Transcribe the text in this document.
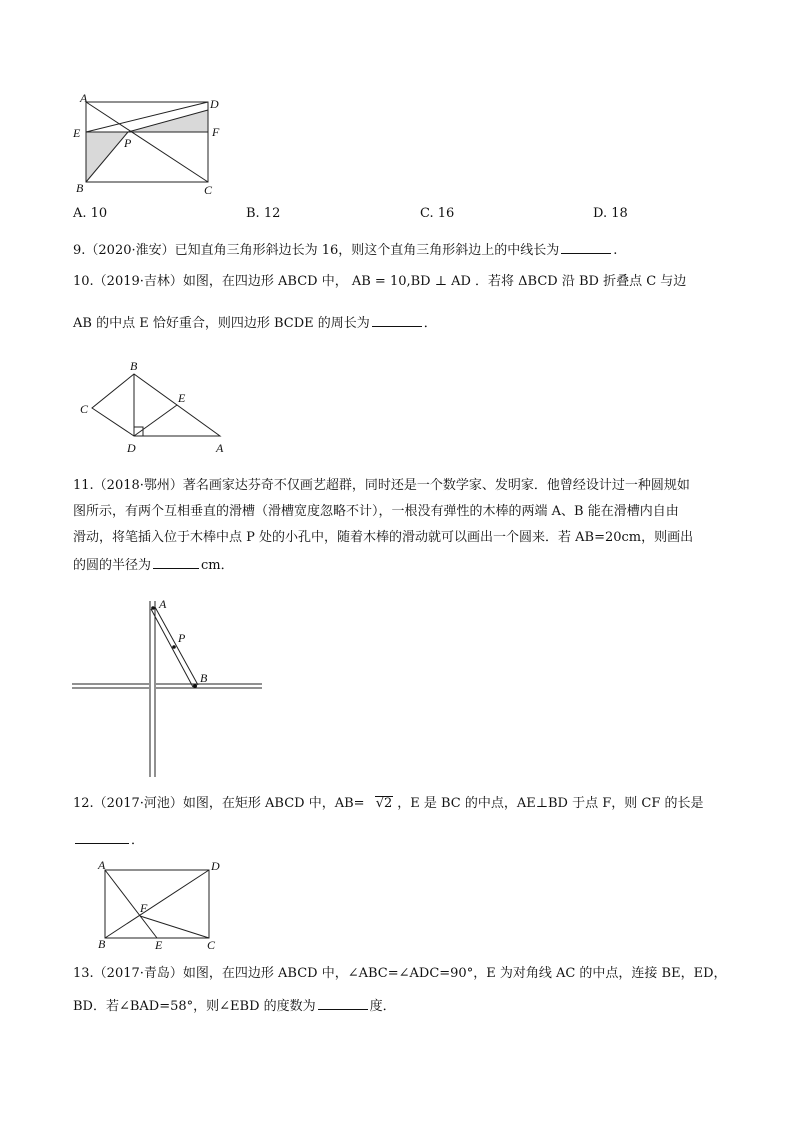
A	D
E	F
P
B	C
A. 10	B. 12	C. 16	D. 18
9.（2020·淮安）已知直角三角形斜边长为 16，则这个直角三角形斜边上的中线长为	.
10.（2019·吉林）如图，在四边形 ABCD 中， AB = 10,BD ⊥ AD ．若将 ΔBCD 沿 BD 折叠点 C 与边
AB 的中点 E 恰好重合，则四边形 BCDE 的周长为	．
B
C
E
D	A
11.（2018·鄂州）著名画家达芬奇不仅画艺超群，同时还是一个数学家、发明家．他曾经设计过一种圆规如
图所示，有两个互相垂直的滑槽（滑槽宽度忽略不计），一根没有弹性的木棒的两端 A、B 能在滑槽内自由
滑动，将笔插入位于木棒中点 P 处的小孔中，随着木棒的滑动就可以画出一个圆来．若 AB=20cm，则画出
的圆的半径为	cm．
A
P
B
12.（2017·河池）如图，在矩形 ABCD 中，AB= √2 ，E 是 BC 的中点，AE⊥BD 于点 F，则 CF 的长是
．
A	D
F
B	E	C
13.（2017·青岛）如图，在四边形 ABCD 中，∠ABC=∠ADC=90°，E 为对角线 AC 的中点，连接 BE，ED，
BD．若∠BAD=58°，则∠EBD 的度数为	度．
